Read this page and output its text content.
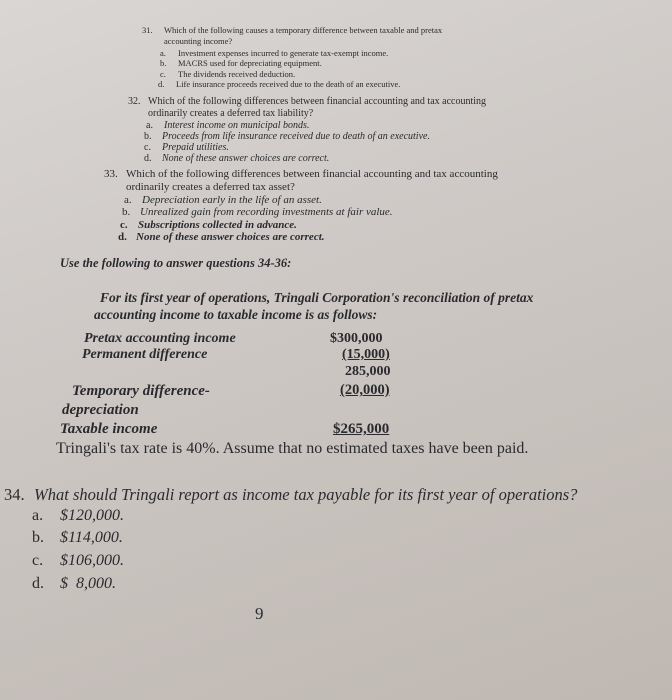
31. Which of the following causes a temporary difference between taxable and pretax
accounting income?
a. Investment expenses incurred to generate tax-exempt income.
b. MACRS used for depreciating equipment.
c. The dividends received deduction.
d. Life insurance proceeds received due to the death of an executive.
32. Which of the following differences between financial accounting and tax accounting
ordinarily creates a deferred tax liability?
a. Interest income on municipal bonds.
b. Proceeds from life insurance received due to death of an executive.
c. Prepaid utilities.
d. None of these answer choices are correct.
33. Which of the following differences between financial accounting and tax accounting
ordinarily creates a deferred tax asset?
a. Depreciation early in the life of an asset.
b. Unrealized gain from recording investments at fair value.
c. Subscriptions collected in advance.
d. None of these answer choices are correct.
Use the following to answer questions 34-36:
For its first year of operations, Tringali Corporation's reconciliation of pretax
accounting income to taxable income is as follows:
Pretax accounting income	$300,000
Permanent difference	(15,000)
285,000
Temporary difference-	(20,000)
depreciation
Taxable income	$265,000
Tringali's tax rate is 40%. Assume that no estimated taxes have been paid.
34. What should Tringali report as income tax payable for its first year of operations?
a. $120,000.
b. $114,000.
c. $106,000.
d. $  8,000.
9
